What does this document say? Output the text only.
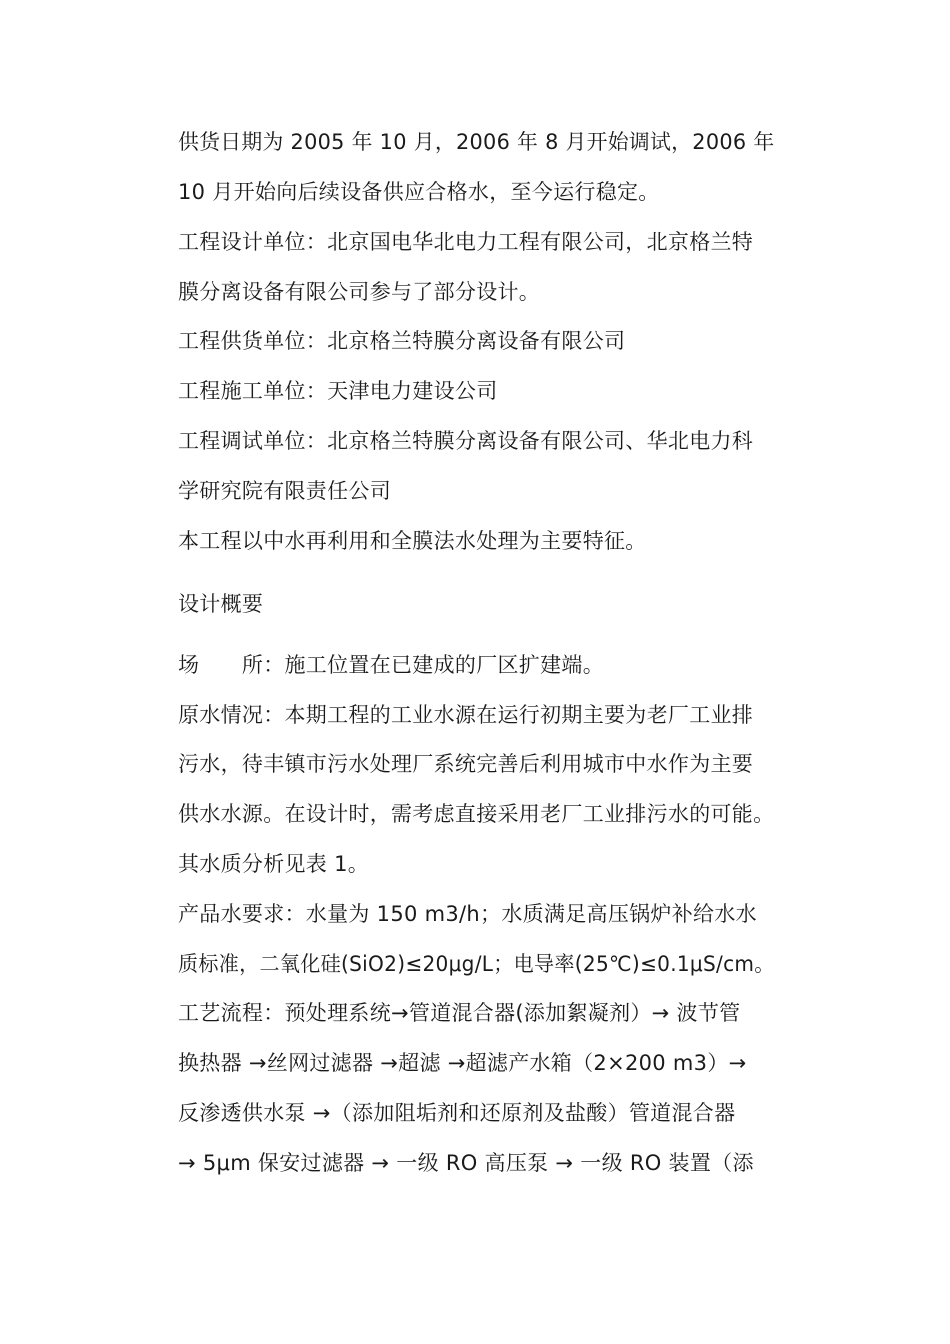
供货日期为 2005 年 10 月，2006 年 8 月开始调试，2006 年
10 月开始向后续设备供应合格水，至今运行稳定。
工程设计单位：北京国电华北电力工程有限公司，北京格兰特
膜分离设备有限公司参与了部分设计。
工程供货单位：北京格兰特膜分离设备有限公司
工程施工单位：天津电力建设公司
工程调试单位：北京格兰特膜分离设备有限公司、华北电力科
学研究院有限责任公司
本工程以中水再利用和全膜法水处理为主要特征。
设计概要
场　　所：施工位置在已建成的厂区扩建端。
原水情况：本期工程的工业水源在运行初期主要为老厂工业排
污水，待丰镇市污水处理厂系统完善后利用城市中水作为主要
供水水源。在设计时，需考虑直接采用老厂工业排污水的可能。
其水质分析见表 1。
产品水要求：水量为 150 m3/h；水质满足高压锅炉补给水水
质标准，二氧化硅(SiO2)≤20μg/L；电导率(25℃)≤0.1μS/cm。
工艺流程：预处理系统→管道混合器(添加絮凝剂）→ 波节管
换热器 →丝网过滤器 →超滤 →超滤产水箱（2×200 m3）→
反渗透供水泵 →（添加阻垢剂和还原剂及盐酸）管道混合器
→ 5μm 保安过滤器 → 一级 RO 高压泵 → 一级 RO 装置（添
